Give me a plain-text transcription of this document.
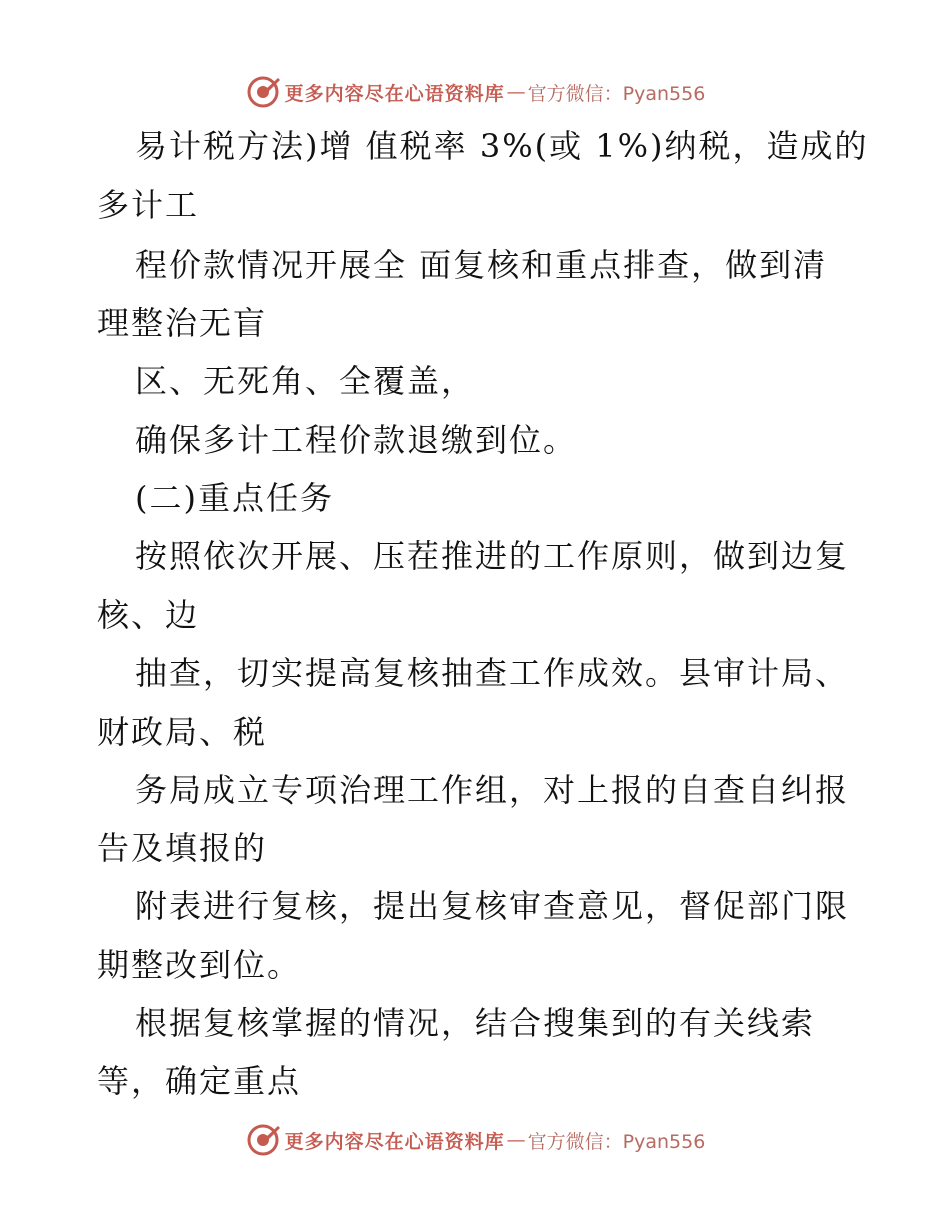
更多内容尽在心语资料库 — 官方微信：Pyan556
易计税方法)增 值税率 3%(或 1%)纳税，造成的
多计工
程价款情况开展全 面复核和重点排查，做到清
理整治无盲
区、无死角、全覆盖，
确保多计工程价款退缴到位。
(二)重点任务
按照依次开展、压茬推进的工作原则，做到边复
核、边
抽查，切实提高复核抽查工作成效。县审计局、
财政局、税
务局成立专项治理工作组，对上报的自查自纠报
告及填报的
附表进行复核，提出复核审查意见，督促部门限
期整改到位。
根据复核掌握的情况，结合搜集到的有关线索
等，确定重点
更多内容尽在心语资料库 — 官方微信：Pyan556
